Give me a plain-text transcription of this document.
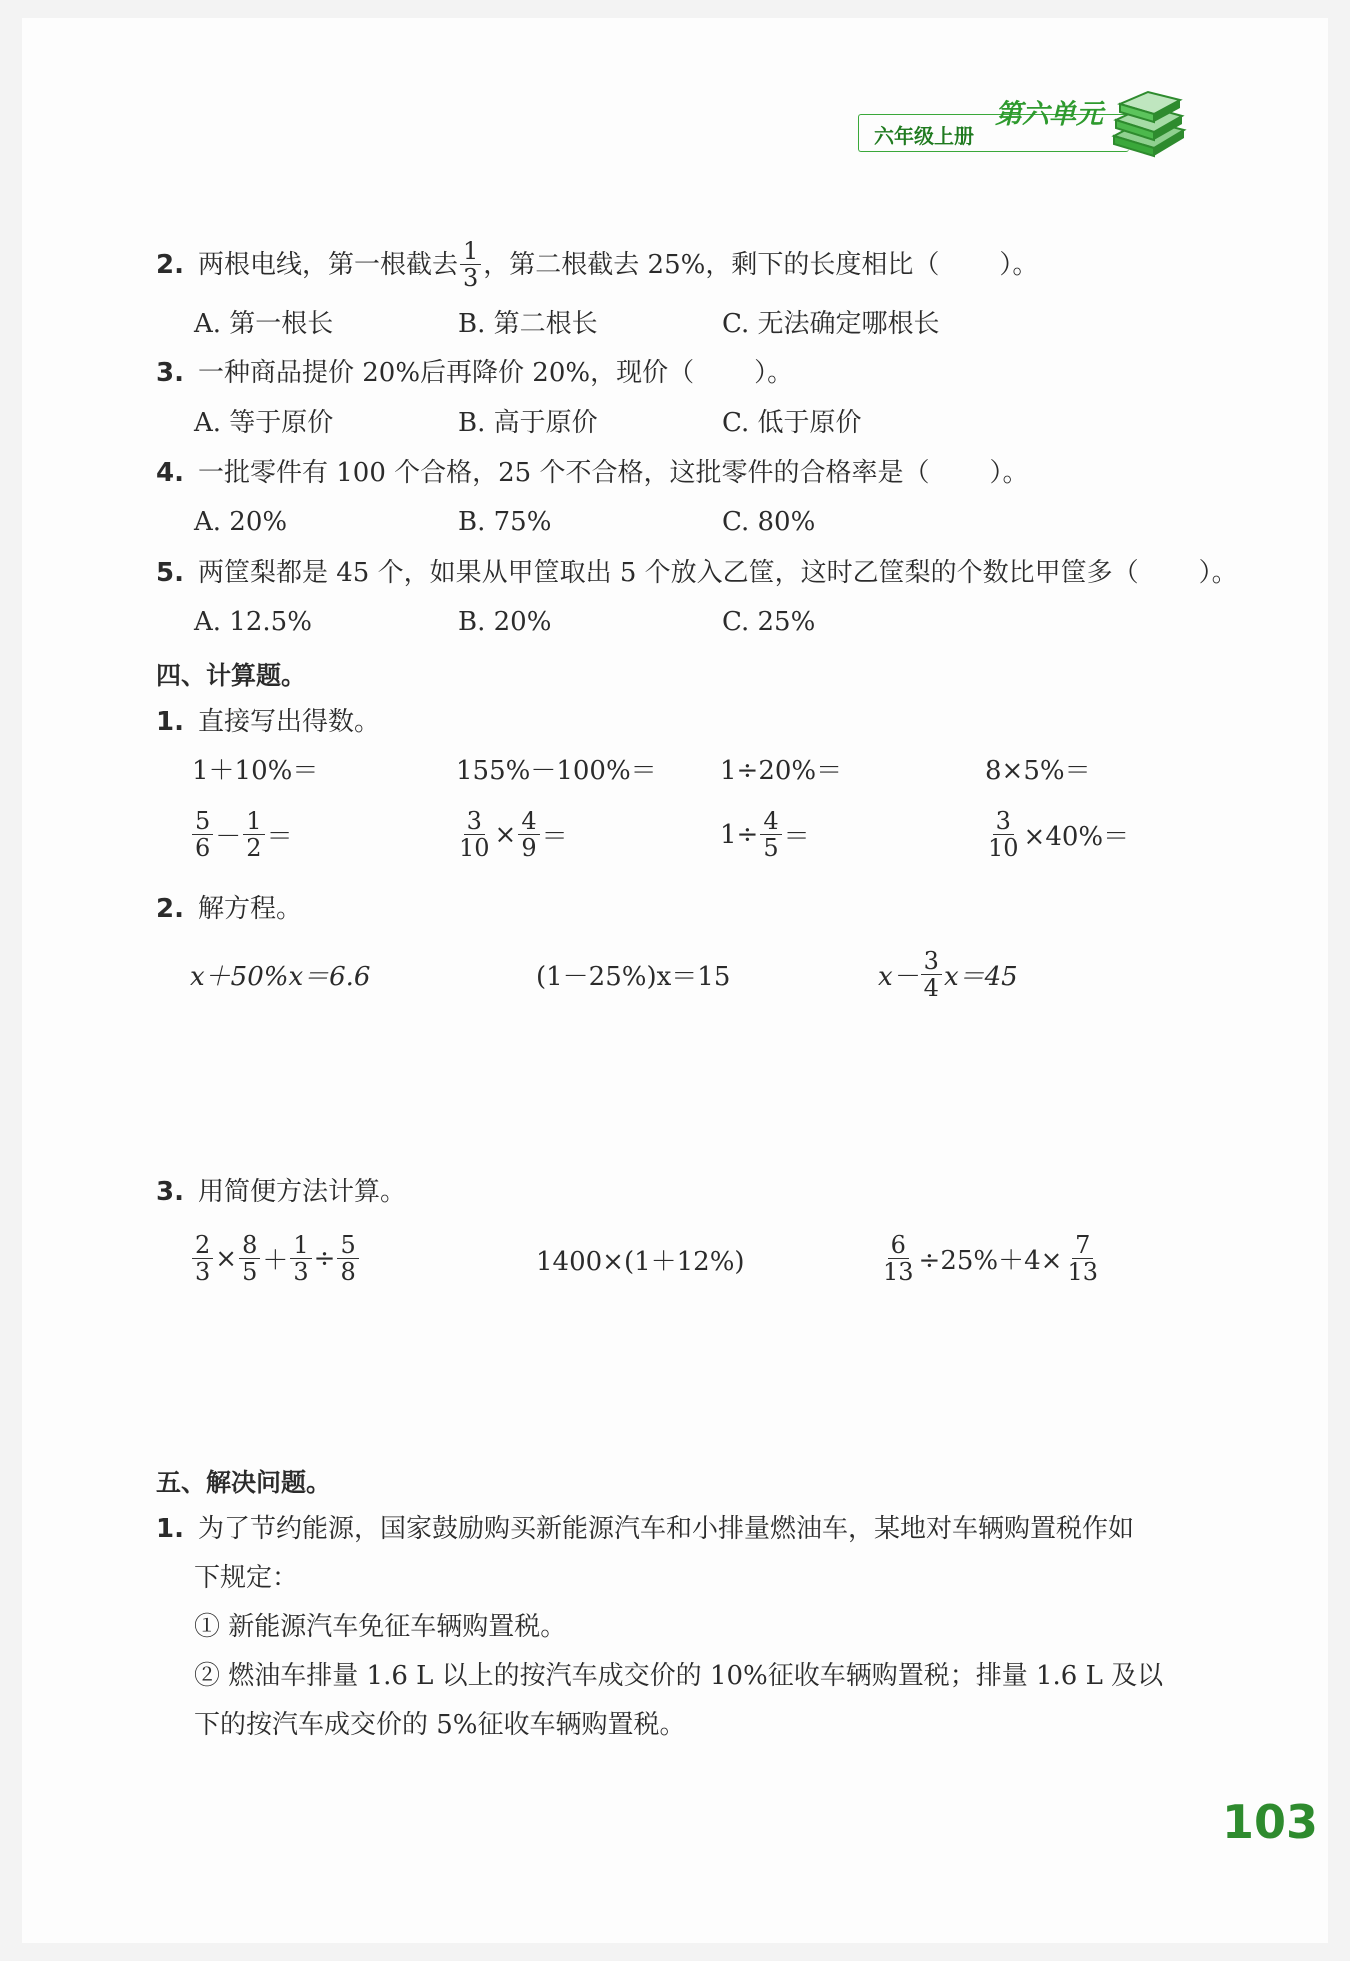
六年级上册
第六单元
2. 两根电线，第一根截去 $\frac{1}{3}$ ，第二根截去 25%，剩下的长度相比（ ）。
A. 第一根长	B. 第二根长	C. 无法确定哪根长
3. 一种商品提价 20%后再降价 20%，现价（ ）。
A. 等于原价	B. 高于原价	C. 低于原价
4. 一批零件有 100 个合格，25 个不合格，这批零件的合格率是（ ）。
A. 20%	B. 75%	C. 80%
5. 两筐梨都是 45 个，如果从甲筐取出 5 个放入乙筐，这时乙筐梨的个数比甲筐多（ ）。
A. 12.5%	B. 20%	C. 25%
四、计算题。
1. 直接写出得数。
1＋10%＝	155%－100%＝ 1÷20%＝	8×5%＝
$\frac{5}{6} - \frac{1}{2}$ ＝	$\frac{3}{10} \times \frac{4}{9}$ ＝	$1\div \frac{4}{5}$ ＝	$\frac{3}{10} \times 40\%=$
2. 解方程。
x＋50%x＝6.6	(1－25%)x＝15	$x- \frac{3}{4} x=45$
3. 用简便方法计算。
$\frac{2}{3} \times \frac{8}{5} + \frac{1}{3} \div \frac{5}{8}$	1400×(1＋12%)	$\frac{6}{13} \div 25\%+4\times \frac{7}{13}$
五、解决问题。
1. 为了节约能源，国家鼓励购买新能源汽车和小排量燃油车，某地对车辆购置税作如
下规定：
① 新能源汽车免征车辆购置税。
② 燃油车排量 1.6 L 以上的按汽车成交价的 10%征收车辆购置税；排量 1.6 L 及以
下的按汽车成交价的 5%征收车辆购置税。
103
